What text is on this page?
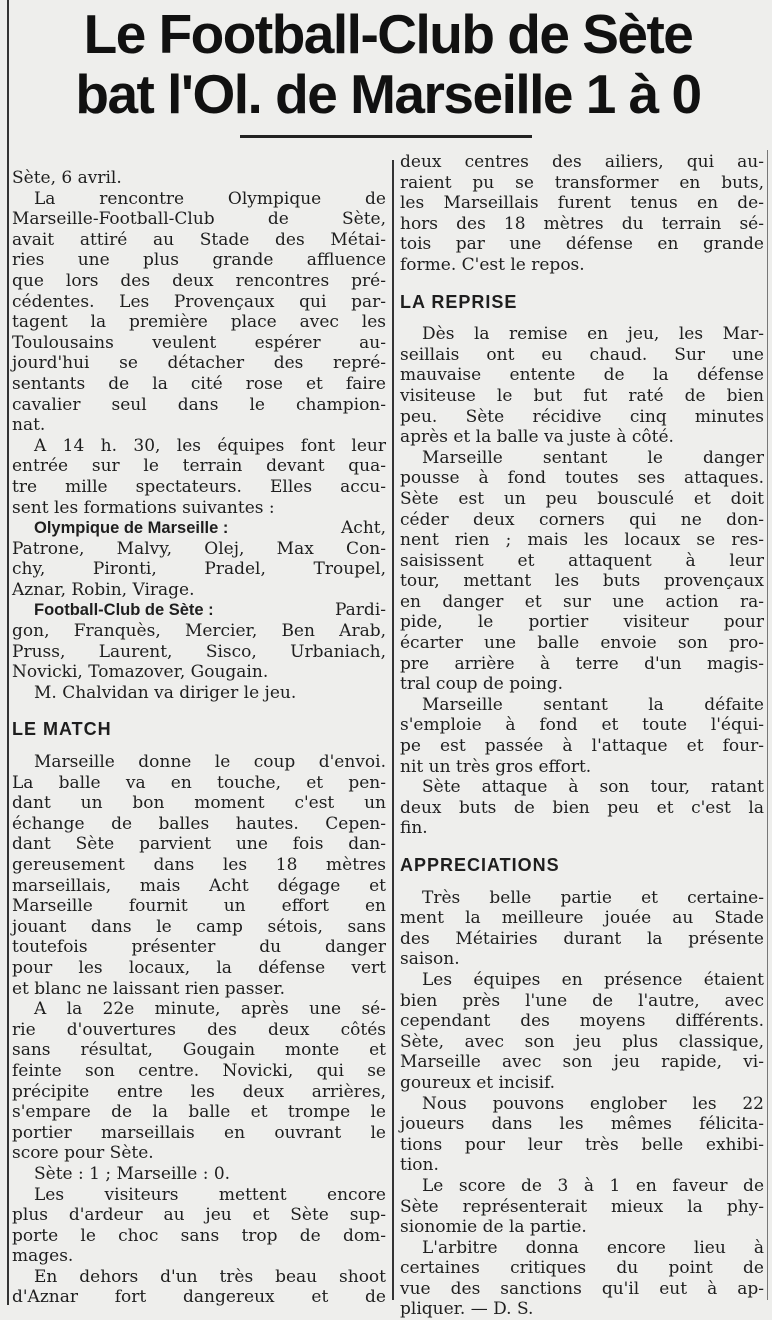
Le Football-Club de Sète
bat l'Ol. de Marseille 1 à 0
Sète, 6 avril.
La rencontre Olympique de
Marseille-Football-Club de Sète,
avait attiré au Stade des Métai-
ries une plus grande affluence
que lors des deux rencontres pré-
cédentes. Les Provençaux qui par-
tagent la première place avec les
Toulousains veulent espérer au-
jourd'hui se détacher des repré-
sentants de la cité rose et faire
cavalier seul dans le champion-
nat.
A 14 h. 30, les équipes font leur
entrée sur le terrain devant qua-
tre mille spectateurs. Elles accu-
sent les formations suivantes :
Olympique de Marseille :	Acht,
Patrone, Malvy, Olej, Max Con-
chy, Pironti, Pradel, Troupel,
Aznar, Robin, Virage.
Football-Club de Sète :	Pardi-
gon, Franquès, Mercier, Ben Arab,
Pruss, Laurent, Sisco, Urbaniach,
Novicki, Tomazover, Gougain.
M. Chalvidan va diriger le jeu.
LE MATCH
Marseille donne le coup d'envoi.
La balle va en touche, et pen-
dant un bon moment c'est un
échange de balles hautes. Cepen-
dant Sète parvient une fois dan-
gereusement dans les 18 mètres
marseillais, mais Acht dégage et
Marseille fournit un effort en
jouant dans le camp sétois, sans
toutefois présenter du danger
pour les locaux, la défense vert
et blanc ne laissant rien passer.
A la 22e minute, après une sé-
rie d'ouvertures des deux côtés
sans résultat, Gougain monte et
feinte son centre. Novicki, qui se
précipite entre les deux arrières,
s'empare de la balle et trompe le
portier marseillais en ouvrant le
score pour Sète.
Sète : 1 ; Marseille : 0.
Les visiteurs mettent encore
plus d'ardeur au jeu et Sète sup-
porte le choc sans trop de dom-
mages.
En dehors d'un très beau shoot
d'Aznar fort dangereux et de
deux centres des ailiers, qui au-
raient pu se transformer en buts,
les Marseillais furent tenus en de-
hors des 18 mètres du terrain sé-
tois par une défense en grande
forme. C'est le repos.
LA REPRISE
Dès la remise en jeu, les Mar-
seillais ont eu chaud. Sur une
mauvaise entente de la défense
visiteuse le but fut raté de bien
peu. Sète récidive cinq minutes
après et la balle va juste à côté.
Marseille sentant le danger
pousse à fond toutes ses attaques.
Sète est un peu bousculé et doit
céder deux corners qui ne don-
nent rien ; mais les locaux se res-
saisissent et attaquent à leur
tour, mettant les buts provençaux
en danger et sur une action ra-
pide, le portier visiteur pour
écarter une balle envoie son pro-
pre arrière à terre d'un magis-
tral coup de poing.
Marseille sentant la défaite
s'emploie à fond et toute l'équi-
pe est passée à l'attaque et four-
nit un très gros effort.
Sète attaque à son tour, ratant
deux buts de bien peu et c'est la
fin.
APPRECIATIONS
Très belle partie et certaine-
ment la meilleure jouée au Stade
des Métairies durant la présente
saison.
Les équipes en présence étaient
bien près l'une de l'autre, avec
cependant des moyens différents.
Sète, avec son jeu plus classique,
Marseille avec son jeu rapide, vi-
goureux et incisif.
Nous pouvons englober les 22
joueurs dans les mêmes félicita-
tions pour leur très belle exhibi-
tion.
Le score de 3 à 1 en faveur de
Sète représenterait mieux la phy-
sionomie de la partie.
L'arbitre donna encore lieu à
certaines critiques du point de
vue des sanctions qu'il eut à ap-
pliquer. — D. S.
